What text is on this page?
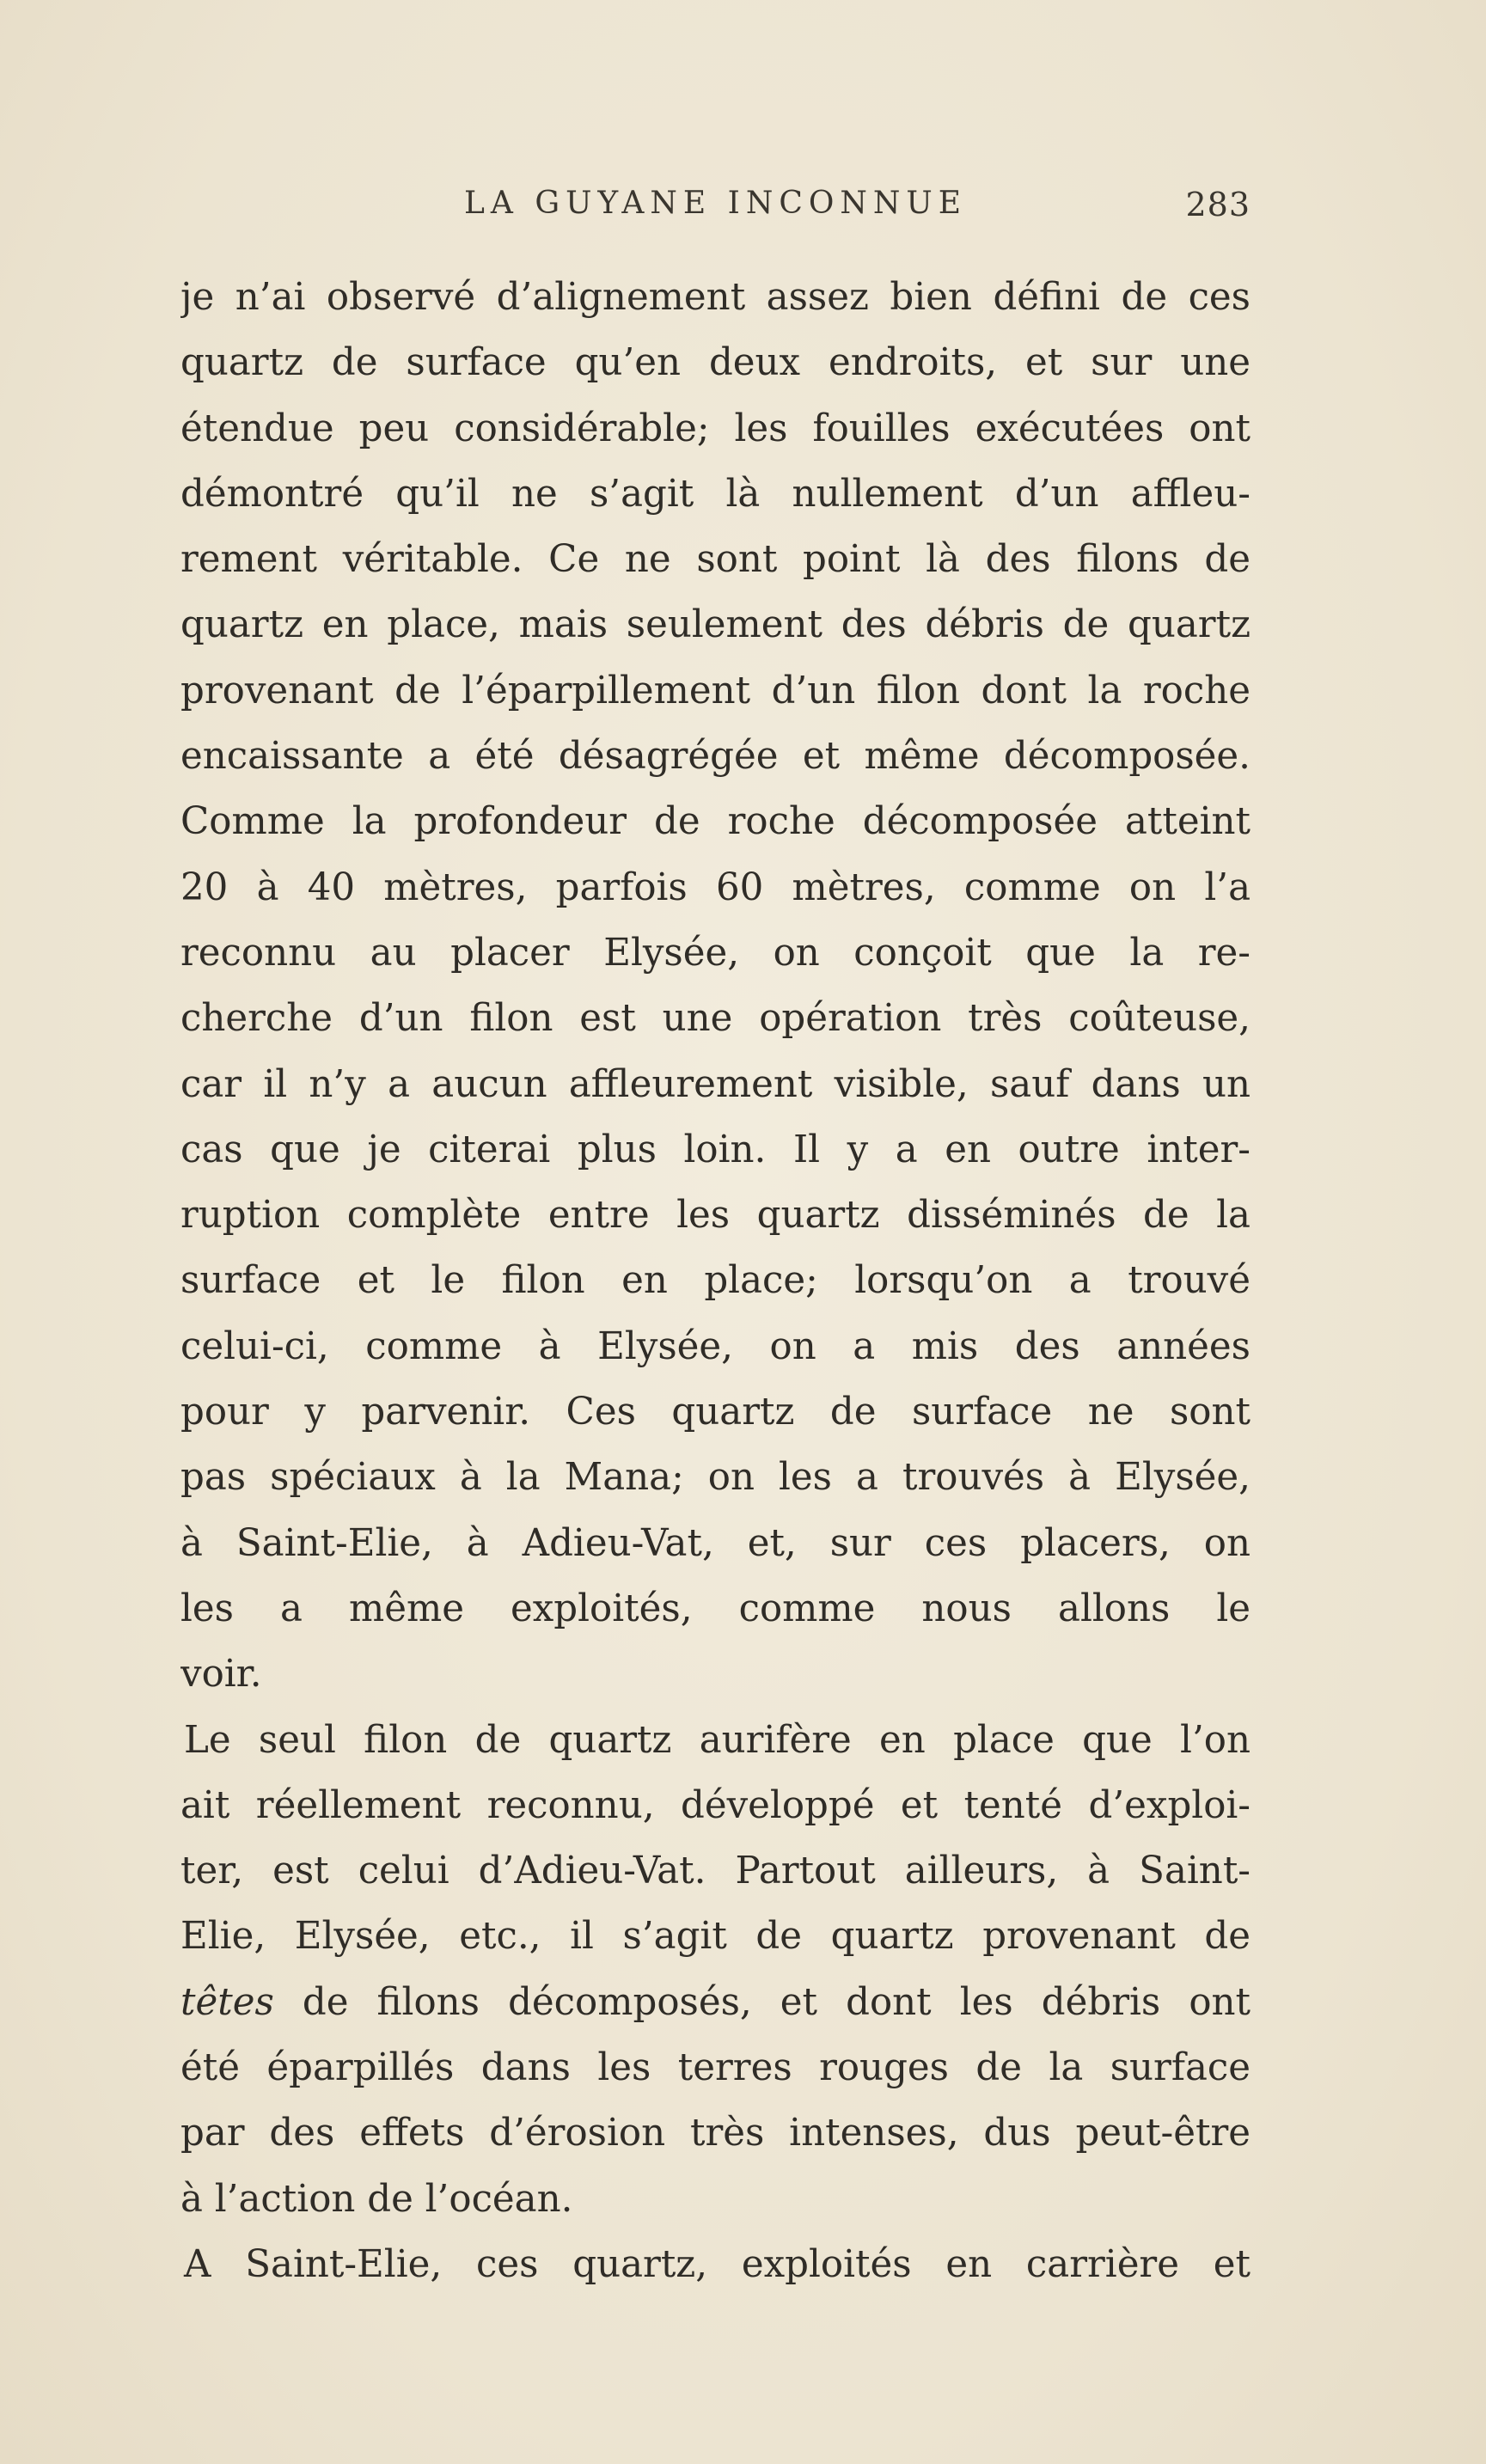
LA GUYANE INCONNUE	283
je n’ai observé d’alignement assez bien défini de ces
quartz de surface qu’en deux endroits, et sur une
étendue peu considérable; les fouilles exécutées ont
démontré qu’il ne s’agit là nullement d’un affleu-
rement véritable. Ce ne sont point là des filons de
quartz en place, mais seulement des débris de quartz
provenant de l’éparpillement d’un filon dont la roche
encaissante a été désagrégée et même décomposée.
Comme la profondeur de roche décomposée atteint
20 à 40 mètres, parfois 60 mètres, comme on l’a
reconnu au placer Elysée, on conçoit que la re-
cherche d’un filon est une opération très coûteuse,
car il n’y a aucun affleurement visible, sauf dans un
cas que je citerai plus loin. Il y a en outre inter-
ruption complète entre les quartz disséminés de la
surface et le filon en place; lorsqu’on a trouvé
celui-ci, comme à Elysée, on a mis des années
pour y parvenir. Ces quartz de surface ne sont
pas spéciaux à la Mana; on les a trouvés à Elysée,
à Saint-Elie, à Adieu-Vat, et, sur ces placers, on
les a même exploités, comme nous allons le
voir.
Le seul filon de quartz aurifère en place que l’on
ait réellement reconnu, développé et tenté d’exploi-
ter, est celui d’Adieu-Vat. Partout ailleurs, à Saint-
Elie, Elysée, etc., il s’agit de quartz provenant de
têtes de filons décomposés, et dont les débris ont
été éparpillés dans les terres rouges de la surface
par des effets d’érosion très intenses, dus peut-être
à l’action de l’océan.
A Saint-Elie, ces quartz, exploités en carrière et
